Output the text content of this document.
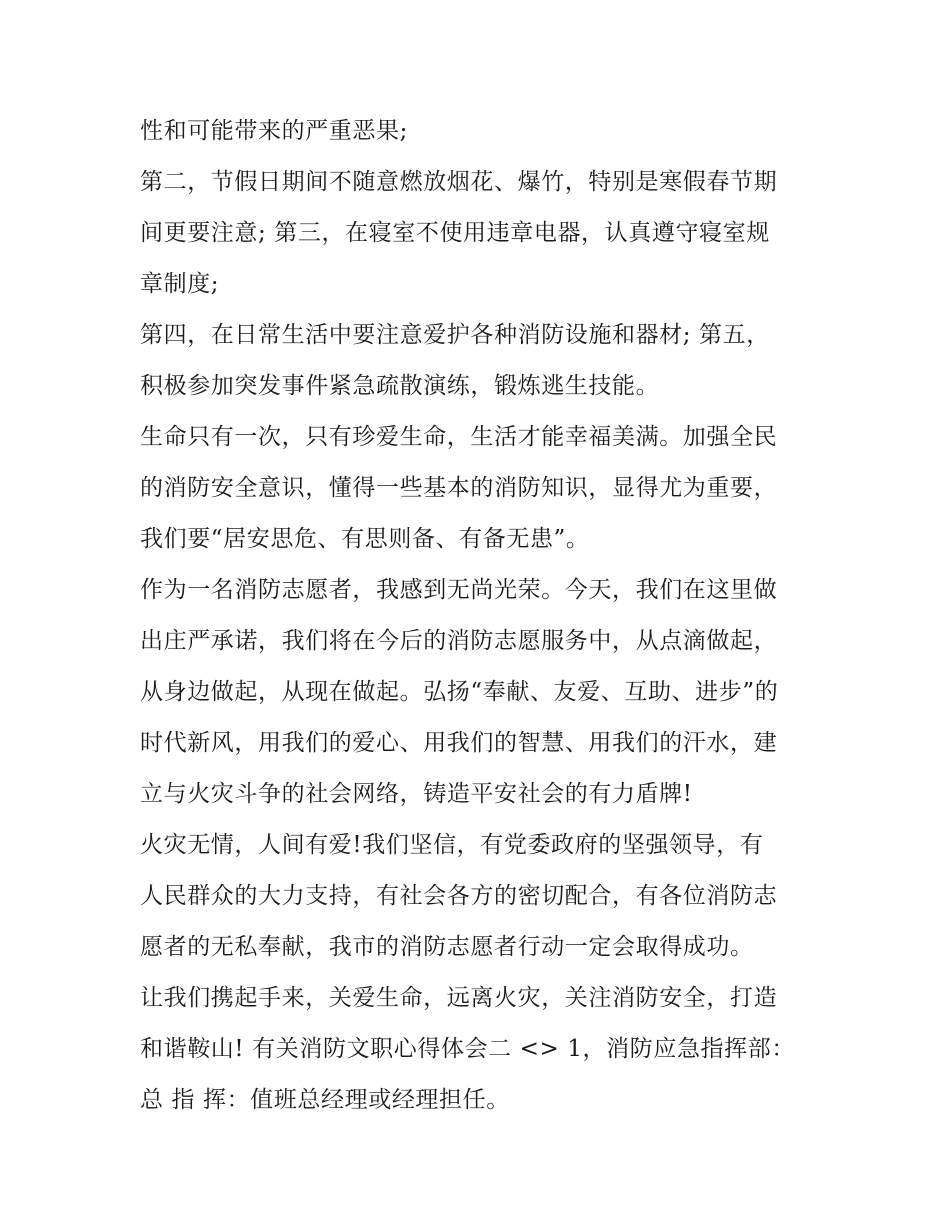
性和可能带来的严重恶果;
第二，节假日期间不随意燃放烟花、爆竹，特别是寒假春节期
间更要注意; 第三，在寝室不使用违章电器，认真遵守寝室规
章制度;
第四，在日常生活中要注意爱护各种消防设施和器材; 第五，
积极参加突发事件紧急疏散演练，锻炼逃生技能。
生命只有一次，只有珍爱生命，生活才能幸福美满。加强全民
的消防安全意识，懂得一些基本的消防知识，显得尤为重要，
我们要“居安思危、有思则备、有备无患”。
作为一名消防志愿者，我感到无尚光荣。今天，我们在这里做
出庄严承诺，我们将在今后的消防志愿服务中，从点滴做起，
从身边做起，从现在做起。弘扬“奉献、友爱、互助、进步”的
时代新风，用我们的爱心、用我们的智慧、用我们的汗水，建
立与火灾斗争的社会网络，铸造平安社会的有力盾牌!
火灾无情，人间有爱!我们坚信，有党委政府的坚强领导，有
人民群众的大力支持，有社会各方的密切配合，有各位消防志
愿者的无私奉献，我市的消防志愿者行动一定会取得成功。
让我们携起手来，关爱生命，远离火灾，关注消防安全，打造
和谐鞍山! 有关消防文职心得体会二 <> 1，消防应急指挥部：
总 指 挥：值班总经理或经理担任。
